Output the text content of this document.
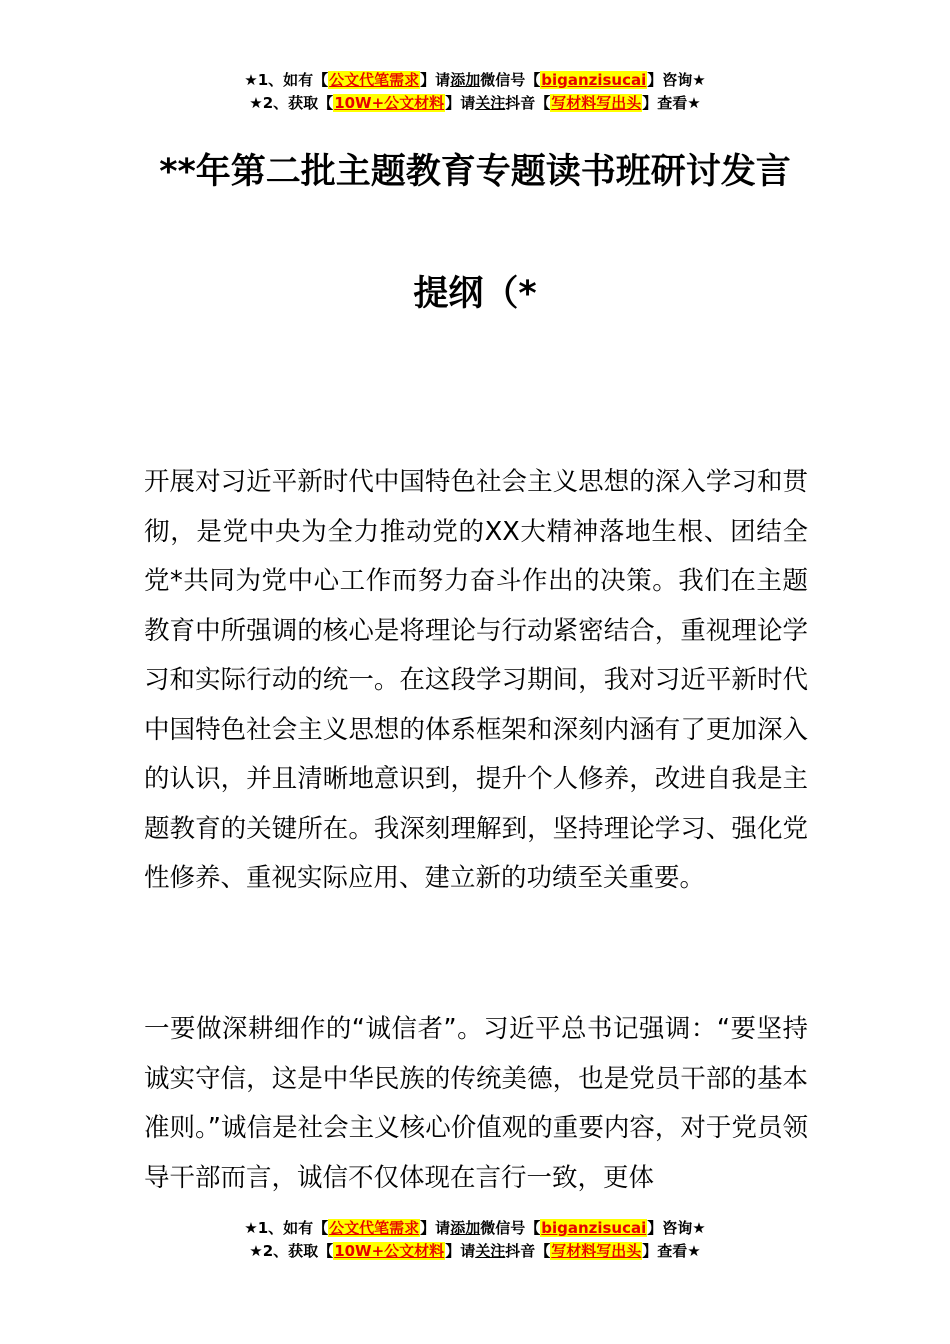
★1、如有【公文代笔需求】请添加微信号【biganzisucai】咨询★
★2、获取【10W+公文材料】请关注抖音【写材料写出头】查看★
**年第二批主题教育专题读书班研讨发言
提纲（*

开展对习近平新时代中国特色社会主义思想的深入学习和贯彻，是党中央为全力推动党的XX大精神落地生根、团结全党*共同为党中心工作而努力奋斗作出的决策。我们在主题教育中所强调的核心是将理论与行动紧密结合，重视理论学习和实际行动的统一。在这段学习期间，我对习近平新时代中国特色社会主义思想的体系框架和深刻内涵有了更加深入的认识，并且清晰地意识到，提升个人修养，改进自我是主题教育的关键所在。我深刻理解到，坚持理论学习、强化党性修养、重视实际应用、建立新的功绩至关重要。

一要做深耕细作的“诚信者”。习近平总书记强调：“要坚持诚实守信，这是中华民族的传统美德，也是党员干部的基本准则。”诚信是社会主义核心价值观的重要内容，对于党员领导干部而言，诚信不仅体现在言行一致，更体

★1、如有【公文代笔需求】请添加微信号【biganzisucai】咨询★
★2、获取【10W+公文材料】请关注抖音【写材料写出头】查看★
